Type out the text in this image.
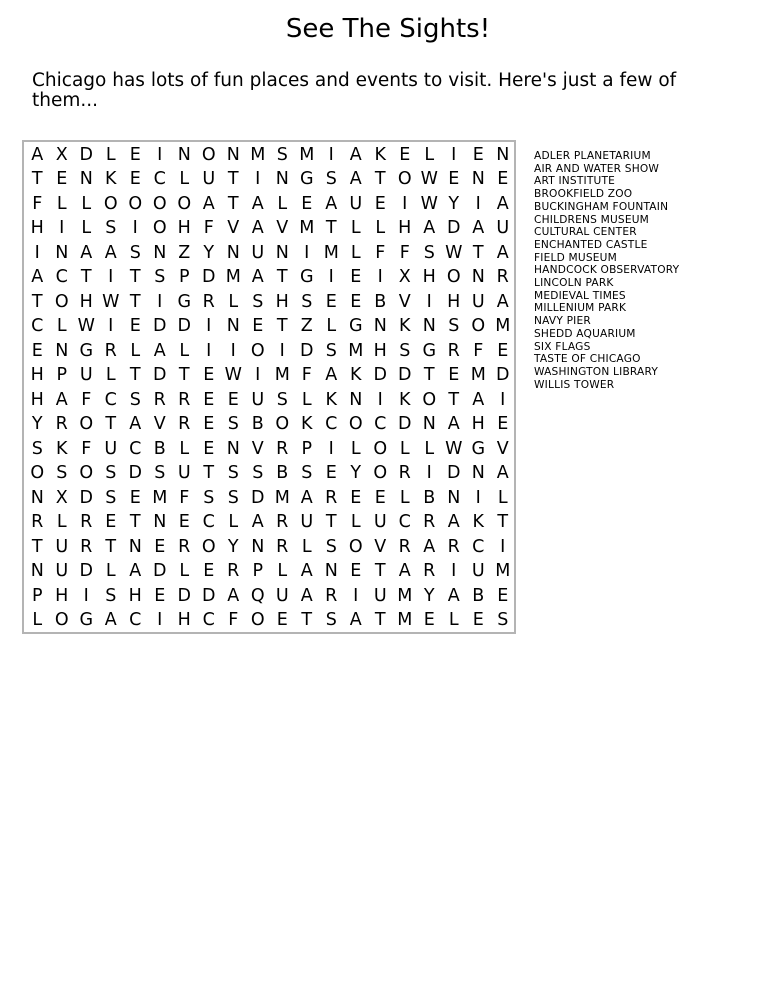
See The Sights!
Chicago has lots of fun places and events to visit. Here's just a few of them...
A X D L E I N O N M S M I A K E L I E N
T E N K E C L U T I N G S A T O W E N E
F L L O O O O A T A L E A U E I W Y I A
H I L S I O H F V A V M T L L H A D A U
I N A A S N Z Y N U N I M L F F S W T A
A C T I T S P D M A T G I E I X H O N R
T O H W T I G R L S H S E E B V I H U A
C L W I E D D I N E T Z L G N K N S O M
E N G R L A L I	I O I D S M H S G R F E
H P U L T D T E W I M F A K D D T E M D
H A F C S R R E E U S L K N I K O T A I
Y R O T A V R E S B O K C O C D N A H E
S K F U C B L E N V R P I L O L L W G V
O S O S D S U T S S B S E Y O R I D N A
N X D S E M F S S D M A R E E L B N I L
R L R E T N E C L A R U T L U C R A K T
T U R T N E R O Y N R L S O V R A R C I
N U D L A D L E R P L A N E T A R I U M
P H I S H E D D A Q U A R I U M Y A B E
L O G A C I H C F O E T S A T M E L E S
ADLER PLANETARIUM
AIR AND WATER SHOW
ART INSTITUTE
BROOKFIELD ZOO
BUCKINGHAM FOUNTAIN
CHILDRENS MUSEUM
CULTURAL CENTER
ENCHANTED CASTLE
FIELD MUSEUM
HANDCOCK OBSERVATORY
LINCOLN PARK
MEDIEVAL TIMES
MILLENIUM PARK
NAVY PIER
SHEDD AQUARIUM
SIX FLAGS
TASTE OF CHICAGO
WASHINGTON LIBRARY
WILLIS TOWER
